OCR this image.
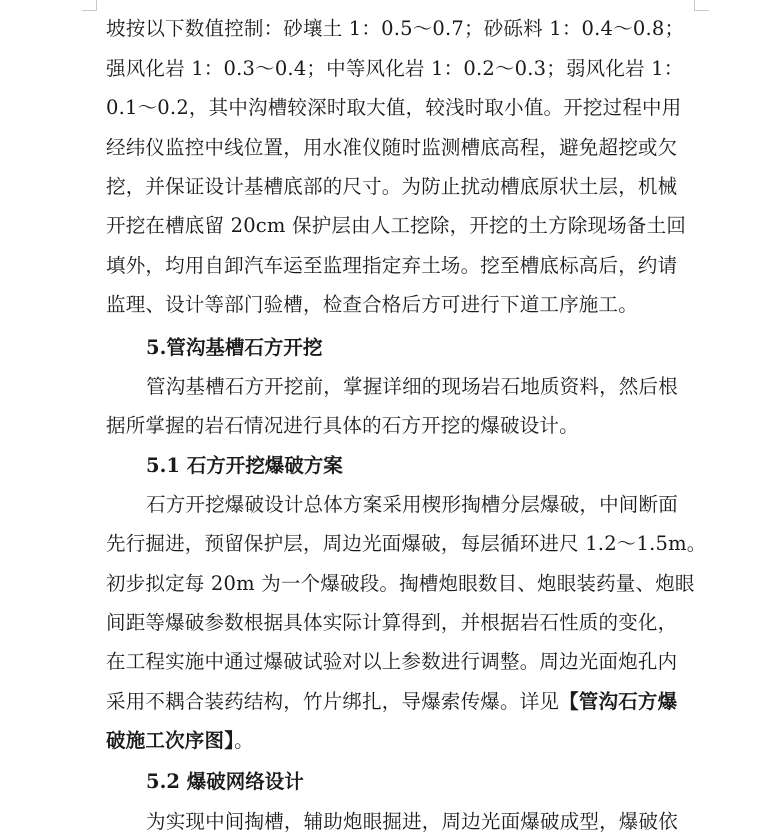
坡按以下数值控制：砂壤土 1：0.5～0.7；砂砾料 1：0.4～0.8；
强风化岩 1：0.3～0.4；中等风化岩 1：0.2～0.3；弱风化岩 1：
0.1～0.2，其中沟槽较深时取大值，较浅时取小值。开挖过程中用
经纬仪监控中线位置，用水准仪随时监测槽底高程，避免超挖或欠
挖，并保证设计基槽底部的尺寸。为防止扰动槽底原状土层，机械
开挖在槽底留 20cm 保护层由人工挖除，开挖的土方除现场备土回
填外，均用自卸汽车运至监理指定弃土场。挖至槽底标高后，约请
监理、设计等部门验槽，检查合格后方可进行下道工序施工。
5.管沟基槽石方开挖
管沟基槽石方开挖前，掌握详细的现场岩石地质资料，然后根
据所掌握的岩石情况进行具体的石方开挖的爆破设计。
5.1 石方开挖爆破方案
石方开挖爆破设计总体方案采用楔形掏槽分层爆破，中间断面
先行掘进，预留保护层，周边光面爆破，每层循环进尺 1.2～1.5m。
初步拟定每 20m 为一个爆破段。掏槽炮眼数目、炮眼装药量、炮眼
间距等爆破参数根据具体实际计算得到，并根据岩石性质的变化，
在工程实施中通过爆破试验对以上参数进行调整。周边光面炮孔内
采用不耦合装药结构，竹片绑扎，导爆索传爆。详见【管沟石方爆
破施工次序图】。
5.2 爆破网络设计
为实现中间掏槽，辅助炮眼掘进，周边光面爆破成型，爆破依
